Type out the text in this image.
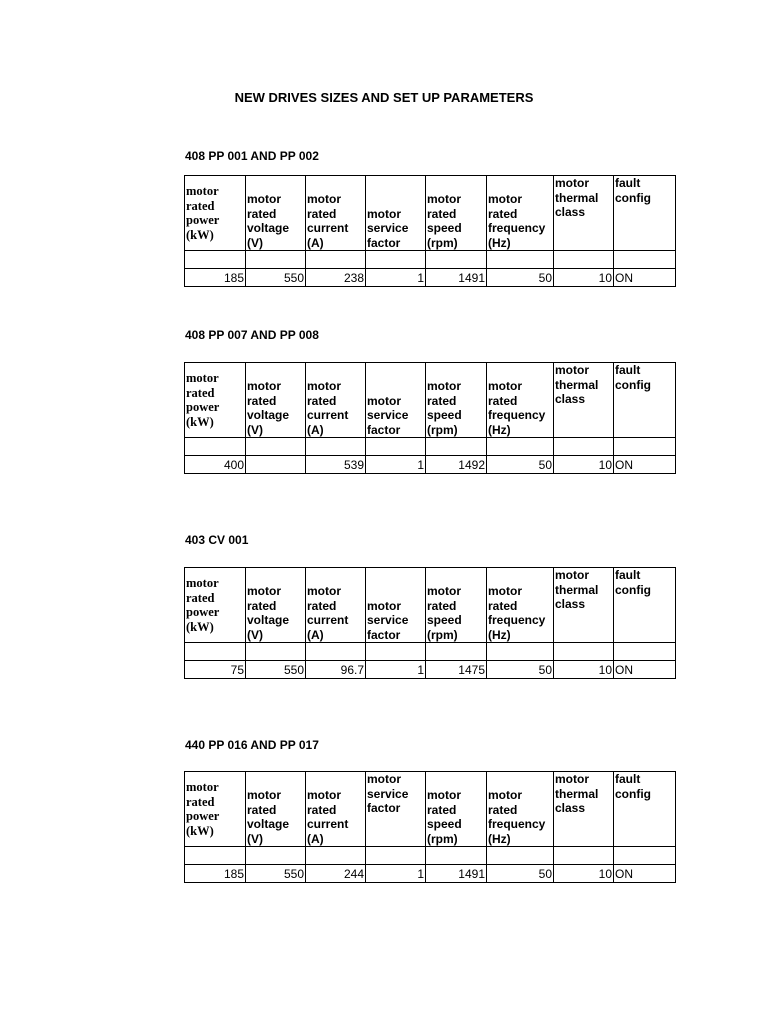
NEW DRIVES SIZES AND SET UP PARAMETERS
408 PP 001 AND PP 002
motor
rated
power
(kW)	motor
rated
voltage
(V)	motor
rated
current
(A)	motor
service
factor	motor
rated
speed
(rpm)	motor
rated
frequency
(Hz)	motor
thermal
class	fault
config

185	550	238	1	1491	50	10	ON
408 PP 007 AND PP 008
motor
rated
power
(kW)	motor
rated
voltage
(V)	motor
rated
current
(A)	motor
service
factor	motor
rated
speed
(rpm)	motor
rated
frequency
(Hz)	motor
thermal
class	fault
config

400		539	1	1492	50	10	ON
403 CV 001
motor
rated
power
(kW)	motor
rated
voltage
(V)	motor
rated
current
(A)	motor
service
factor	motor
rated
speed
(rpm)	motor
rated
frequency
(Hz)	motor
thermal
class	fault
config

75	550	96.7	1	1475	50	10	ON
440 PP 016 AND PP 017
motor
rated
power
(kW)	motor
rated
voltage
(V)	motor
rated
current
(A)	motor
service
factor	motor
rated
speed
(rpm)	motor
rated
frequency
(Hz)	motor
thermal
class	fault
config

185	550	244	1	1491	50	10	ON
